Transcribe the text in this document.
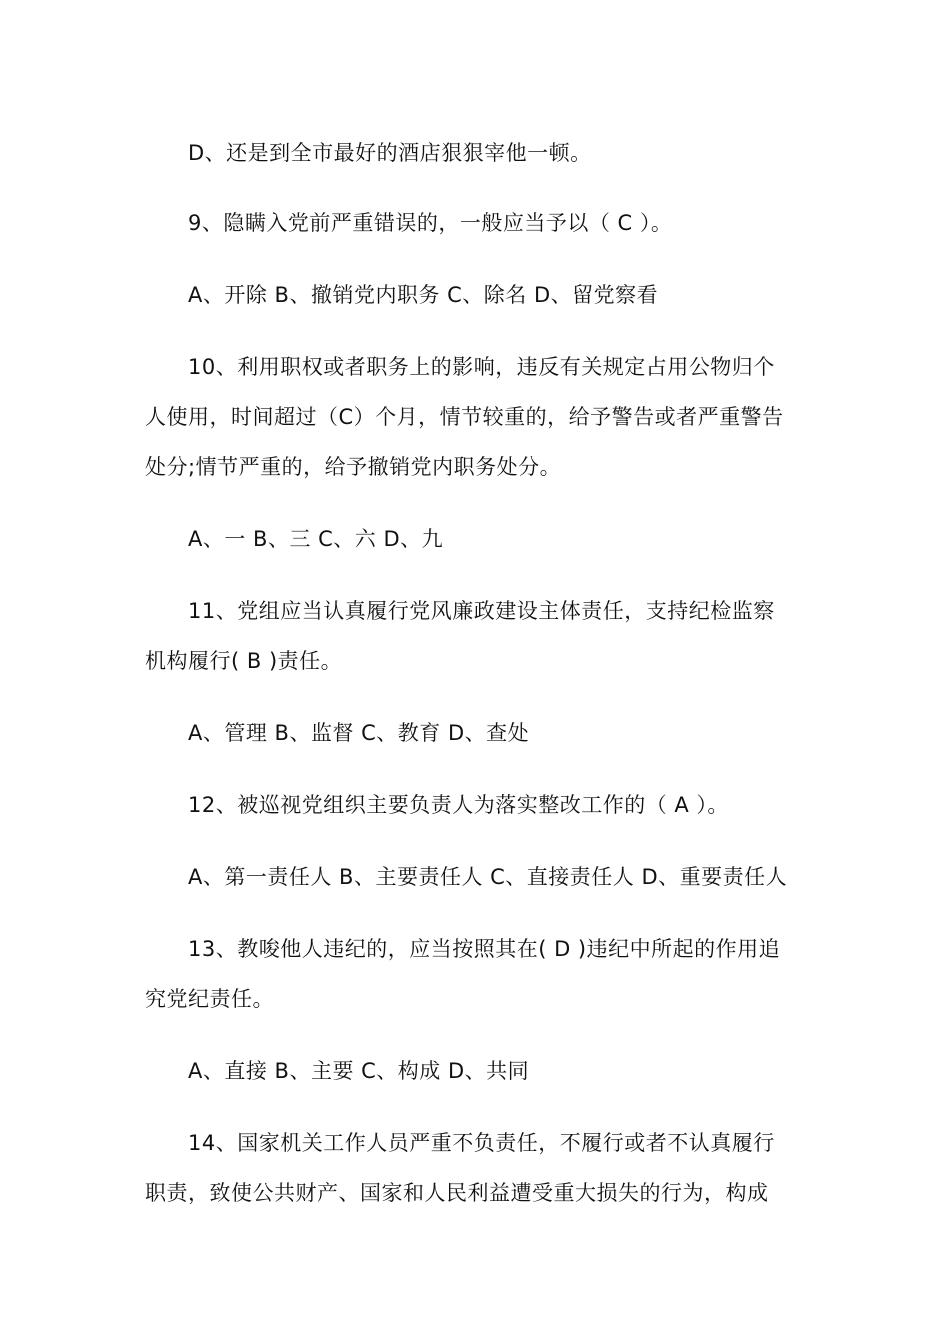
D、还是到全市最好的酒店狠狠宰他一顿。
9、隐瞒入党前严重错误的，一般应当予以（ C ）。
A、开除 B、撤销党内职务 C、除名 D、留党察看
10、利用职权或者职务上的影响，违反有关规定占用公物归个
人使用，时间超过（C）个月，情节较重的，给予警告或者严重警告
处分;情节严重的，给予撤销党内职务处分。
A、一 B、三 C、六 D、九
11、党组应当认真履行党风廉政建设主体责任，支持纪检监察
机构履行( B )责任。
A、管理 B、监督 C、教育 D、查处
12、被巡视党组织主要负责人为落实整改工作的（ A ）。
A、第一责任人 B、主要责任人 C、直接责任人 D、重要责任人
13、教唆他人违纪的，应当按照其在( D )违纪中所起的作用追
究党纪责任。
A、直接 B、主要 C、构成 D、共同
14、国家机关工作人员严重不负责任，不履行或者不认真履行
职责，致使公共财产、国家和人民利益遭受重大损失的行为，构成
